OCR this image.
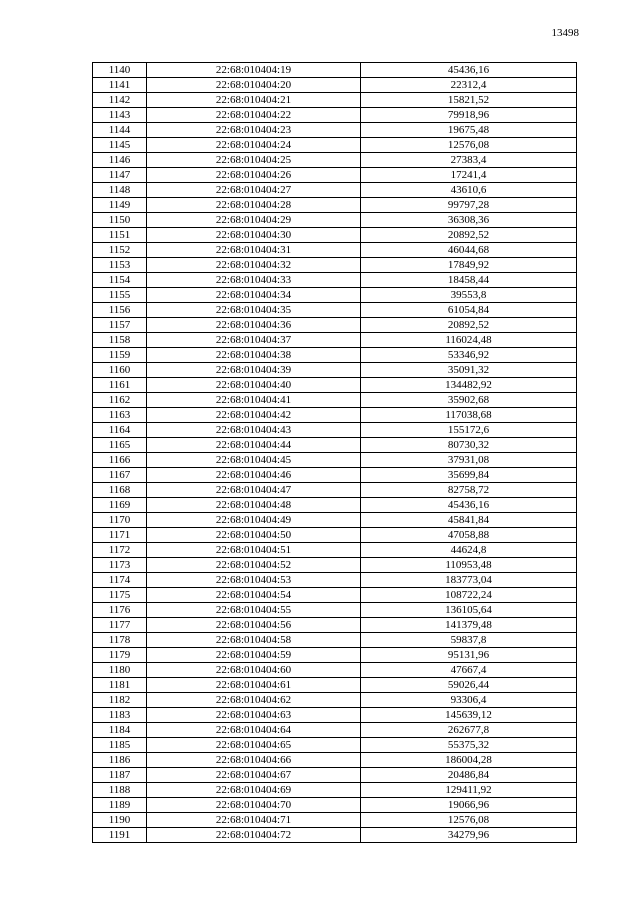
13498
1140	22:68:010404:19	45436,16
1141	22:68:010404:20	22312,4
1142	22:68:010404:21	15821,52
1143	22:68:010404:22	79918,96
1144	22:68:010404:23	19675,48
1145	22:68:010404:24	12576,08
1146	22:68:010404:25	27383,4
1147	22:68:010404:26	17241,4
1148	22:68:010404:27	43610,6
1149	22:68:010404:28	99797,28
1150	22:68:010404:29	36308,36
1151	22:68:010404:30	20892,52
1152	22:68:010404:31	46044,68
1153	22:68:010404:32	17849,92
1154	22:68:010404:33	18458,44
1155	22:68:010404:34	39553,8
1156	22:68:010404:35	61054,84
1157	22:68:010404:36	20892,52
1158	22:68:010404:37	116024,48
1159	22:68:010404:38	53346,92
1160	22:68:010404:39	35091,32
1161	22:68:010404:40	134482,92
1162	22:68:010404:41	35902,68
1163	22:68:010404:42	117038,68
1164	22:68:010404:43	155172,6
1165	22:68:010404:44	80730,32
1166	22:68:010404:45	37931,08
1167	22:68:010404:46	35699,84
1168	22:68:010404:47	82758,72
1169	22:68:010404:48	45436,16
1170	22:68:010404:49	45841,84
1171	22:68:010404:50	47058,88
1172	22:68:010404:51	44624,8
1173	22:68:010404:52	110953,48
1174	22:68:010404:53	183773,04
1175	22:68:010404:54	108722,24
1176	22:68:010404:55	136105,64
1177	22:68:010404:56	141379,48
1178	22:68:010404:58	59837,8
1179	22:68:010404:59	95131,96
1180	22:68:010404:60	47667,4
1181	22:68:010404:61	59026,44
1182	22:68:010404:62	93306,4
1183	22:68:010404:63	145639,12
1184	22:68:010404:64	262677,8
1185	22:68:010404:65	55375,32
1186	22:68:010404:66	186004,28
1187	22:68:010404:67	20486,84
1188	22:68:010404:69	129411,92
1189	22:68:010404:70	19066,96
1190	22:68:010404:71	12576,08
1191	22:68:010404:72	34279,96
